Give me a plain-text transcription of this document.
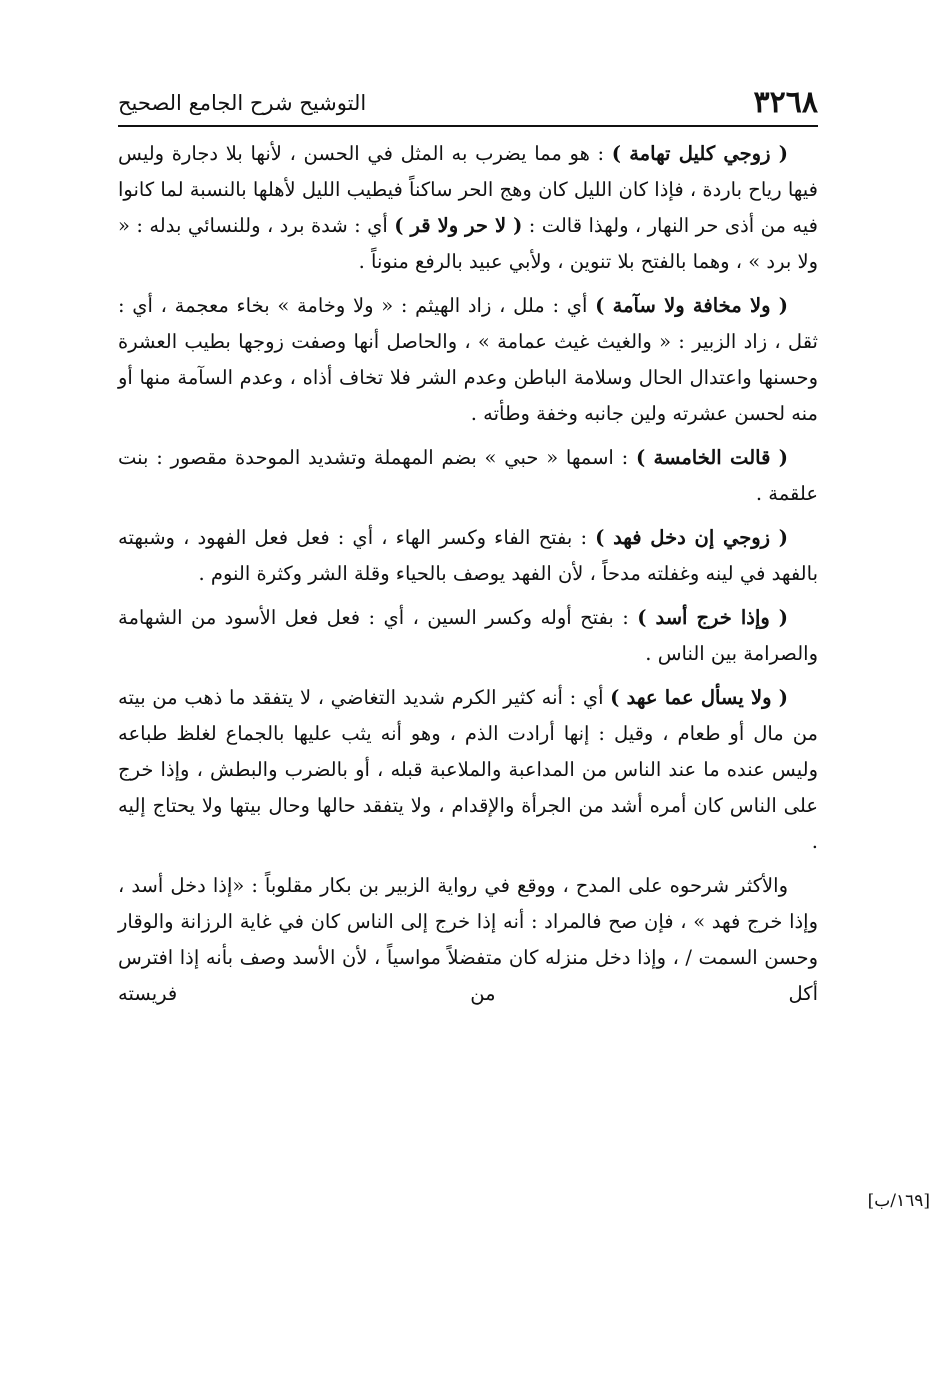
٣٢٦٨
التوشيح شرح الجامع الصحيح

( زوجي كليل تهامة ) : هو مما يضرب به المثل في الحسن ، لأنها بلا دجارة وليس فيها رياح باردة ، فإذا كان الليل كان وهج الحر ساكناً فيطيب الليل لأهلها بالنسبة لما كانوا فيه من أذى حر النهار ، ولهذا قالت : ( لا حر ولا قر ) أي : شدة برد ، وللنسائي بدله : « ولا برد » ، وهما بالفتح بلا تنوين ، ولأبي عبيد بالرفع منوناً .

( ولا مخافة ولا سآمة ) أي : ملل ، زاد الهيثم : « ولا وخامة » بخاء معجمة ، أي : ثقل ، زاد الزبير : « والغيث غيث عمامة » ، والحاصل أنها وصفت زوجها بطيب العشرة وحسنها واعتدال الحال وسلامة الباطن وعدم الشر فلا تخاف أذاه ، وعدم السآمة منها أو منه لحسن عشرته ولين جانبه وخفة وطأته .

( قالت الخامسة ) : اسمها « حبي » بضم المهملة وتشديد الموحدة مقصور : بنت علقمة .

( زوجي إن دخل فهد ) : بفتح الفاء وكسر الهاء ، أي : فعل فعل الفهود ، وشبهته بالفهد في لينه وغفلته مدحاً ، لأن الفهد يوصف بالحياء وقلة الشر وكثرة النوم .

( وإذا خرج أسد ) : بفتح أوله وكسر السين ، أي : فعل فعل الأسود من الشهامة والصرامة بين الناس .

( ولا يسأل عما عهد ) أي : أنه كثير الكرم شديد التغاضي ، لا يتفقد ما ذهب من بيته من مال أو طعام ، وقيل : إنها أرادت الذم ، وهو أنه يثب عليها بالجماع لغلظ طباعه وليس عنده ما عند الناس من المداعبة والملاعبة قبله ، أو بالضرب والبطش ، وإذا خرج على الناس كان أمره أشد من الجرأة والإقدام ، ولا يتفقد حالها وحال بيتها ولا يحتاج إليه .

والأكثر شرحوه على المدح ، ووقع في رواية الزبير بن بكار مقلوباً : «إذا دخل أسد ، وإذا خرج فهد » ، فإن صح فالمراد : أنه إذا خرج إلى الناس كان في غاية الرزانة والوقار وحسن السمت / ، وإذا دخل منزله كان متفضلاً مواسياً ، لأن الأسد وصف بأنه إذا افترس أكل من فريسته

[١٦٩/ب]
